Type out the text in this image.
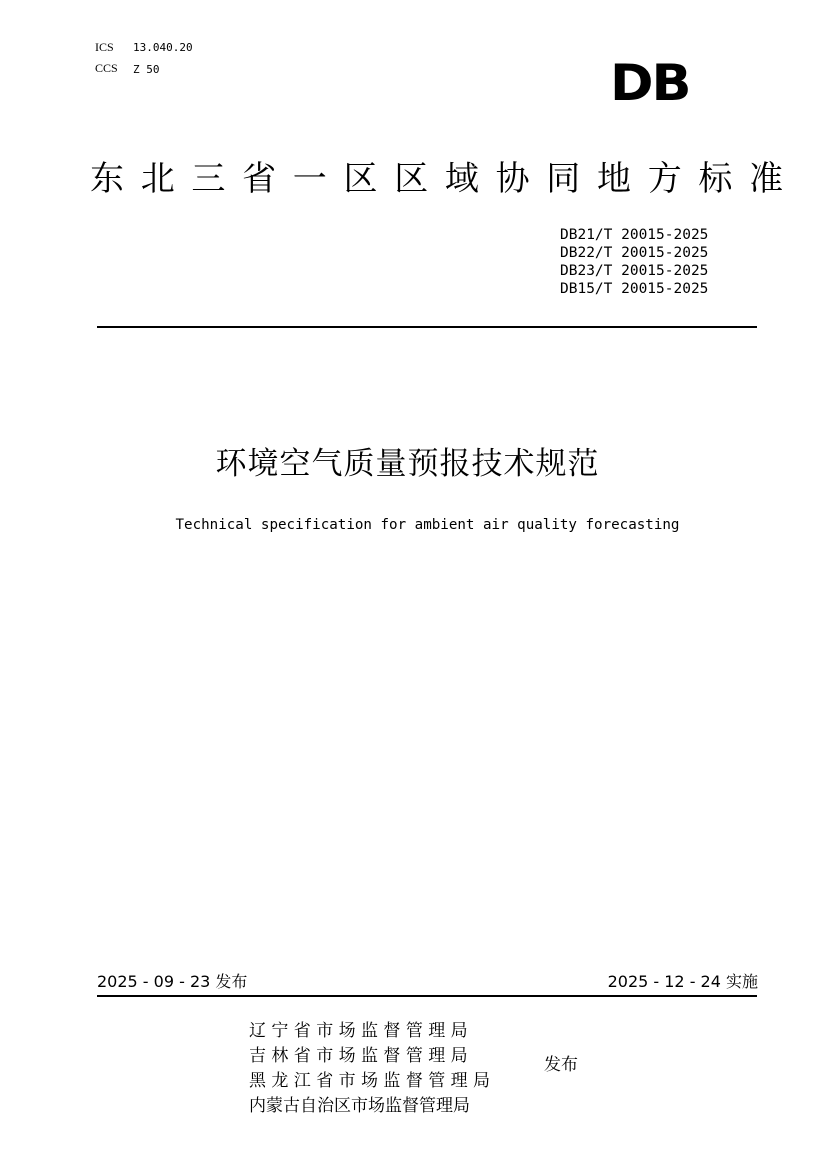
ICS 13.040.20
CCS Z 50	DB
东北三省一区区域协同地方标准
DB21/T 20015-2025
DB22/T 20015-2025
DB23/T 20015-2025
DB15/T 20015-2025
环境空气质量预报技术规范
Technical specification for ambient air quality forecasting
2025 - 09 - 23 发布	2025 - 12 - 24 实施
辽 宁 省 市 场 监 督 管 理 局
吉 林 省 市 场 监 督 管 理 局
黑 龙 江 省 市 场 监 督 管 理 局
内蒙古自治区市场监督管理局
发布
